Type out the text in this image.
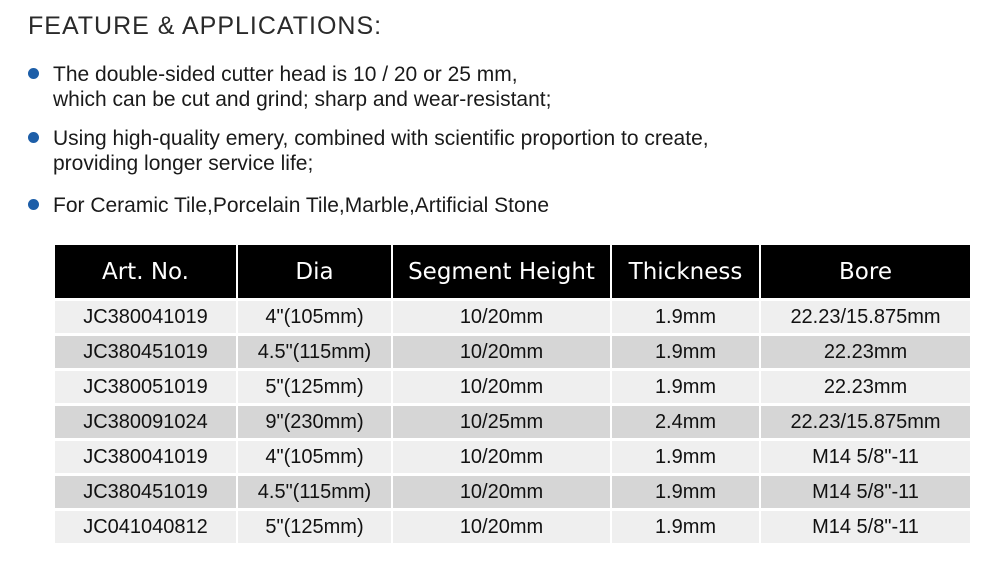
FEATURE & APPLICATIONS:
The double-sided cutter head is 10 / 20 or 25 mm,
which can be cut and grind; sharp and wear-resistant;
Using high-quality emery, combined with scientific proportion to create,
providing longer service life;
For Ceramic Tile,Porcelain Tile,Marble,Artificial Stone
Art. No.	Dia	Segment Height	Thickness	Bore
JC380041019	4"(105mm)	10/20mm	1.9mm	22.23/15.875mm
JC380451019	4.5"(115mm)	10/20mm	1.9mm	22.23mm
JC380051019	5"(125mm)	10/20mm	1.9mm	22.23mm
JC380091024	9"(230mm)	10/25mm	2.4mm	22.23/15.875mm
JC380041019	4"(105mm)	10/20mm	1.9mm	M14 5/8"-11
JC380451019	4.5"(115mm)	10/20mm	1.9mm	M14 5/8"-11
JC041040812	5"(125mm)	10/20mm	1.9mm	M14 5/8"-11
